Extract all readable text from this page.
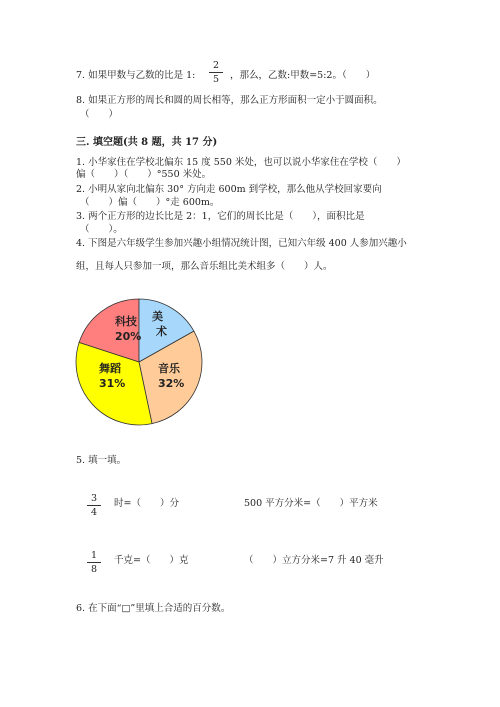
7. 如果甲数与乙数的比是 1:
2
5	，那么，乙数:甲数=5:2。（　　）
8. 如果正方形的周长和圆的周长相等，那么正方形面积一定小于圆面积。
（　　）
三. 填空题(共 8 题，共 17 分)
1. 小华家住在学校北偏东 15 度 550 米处，也可以说小华家住在学校（　　）
偏（　　）（　　）°550 米处。
2. 小明从家向北偏东 30° 方向走 600m 到学校，那么他从学校回家要向
（　　）偏（　　）°走 600m。
3. 两个正方形的边长比是 2：1，它们的周长比是（　　），面积比是
（　　）。
4. 下图是六年级学生参加兴趣小组情况统计图，已知六年级 400 人参加兴趣小
组，且每人只参加一项，那么音乐组比美术组多（　　）人。
科技
20%
美
术
音乐
32%
舞蹈
31%
5. 填一填。
3
4
时=（　　）分	500 平方分米=（　　）平方米
1
8
千克=（　　）克	（　　）立方分米=7 升 40 毫升
6. 在下面“□”里填上合适的百分数。
